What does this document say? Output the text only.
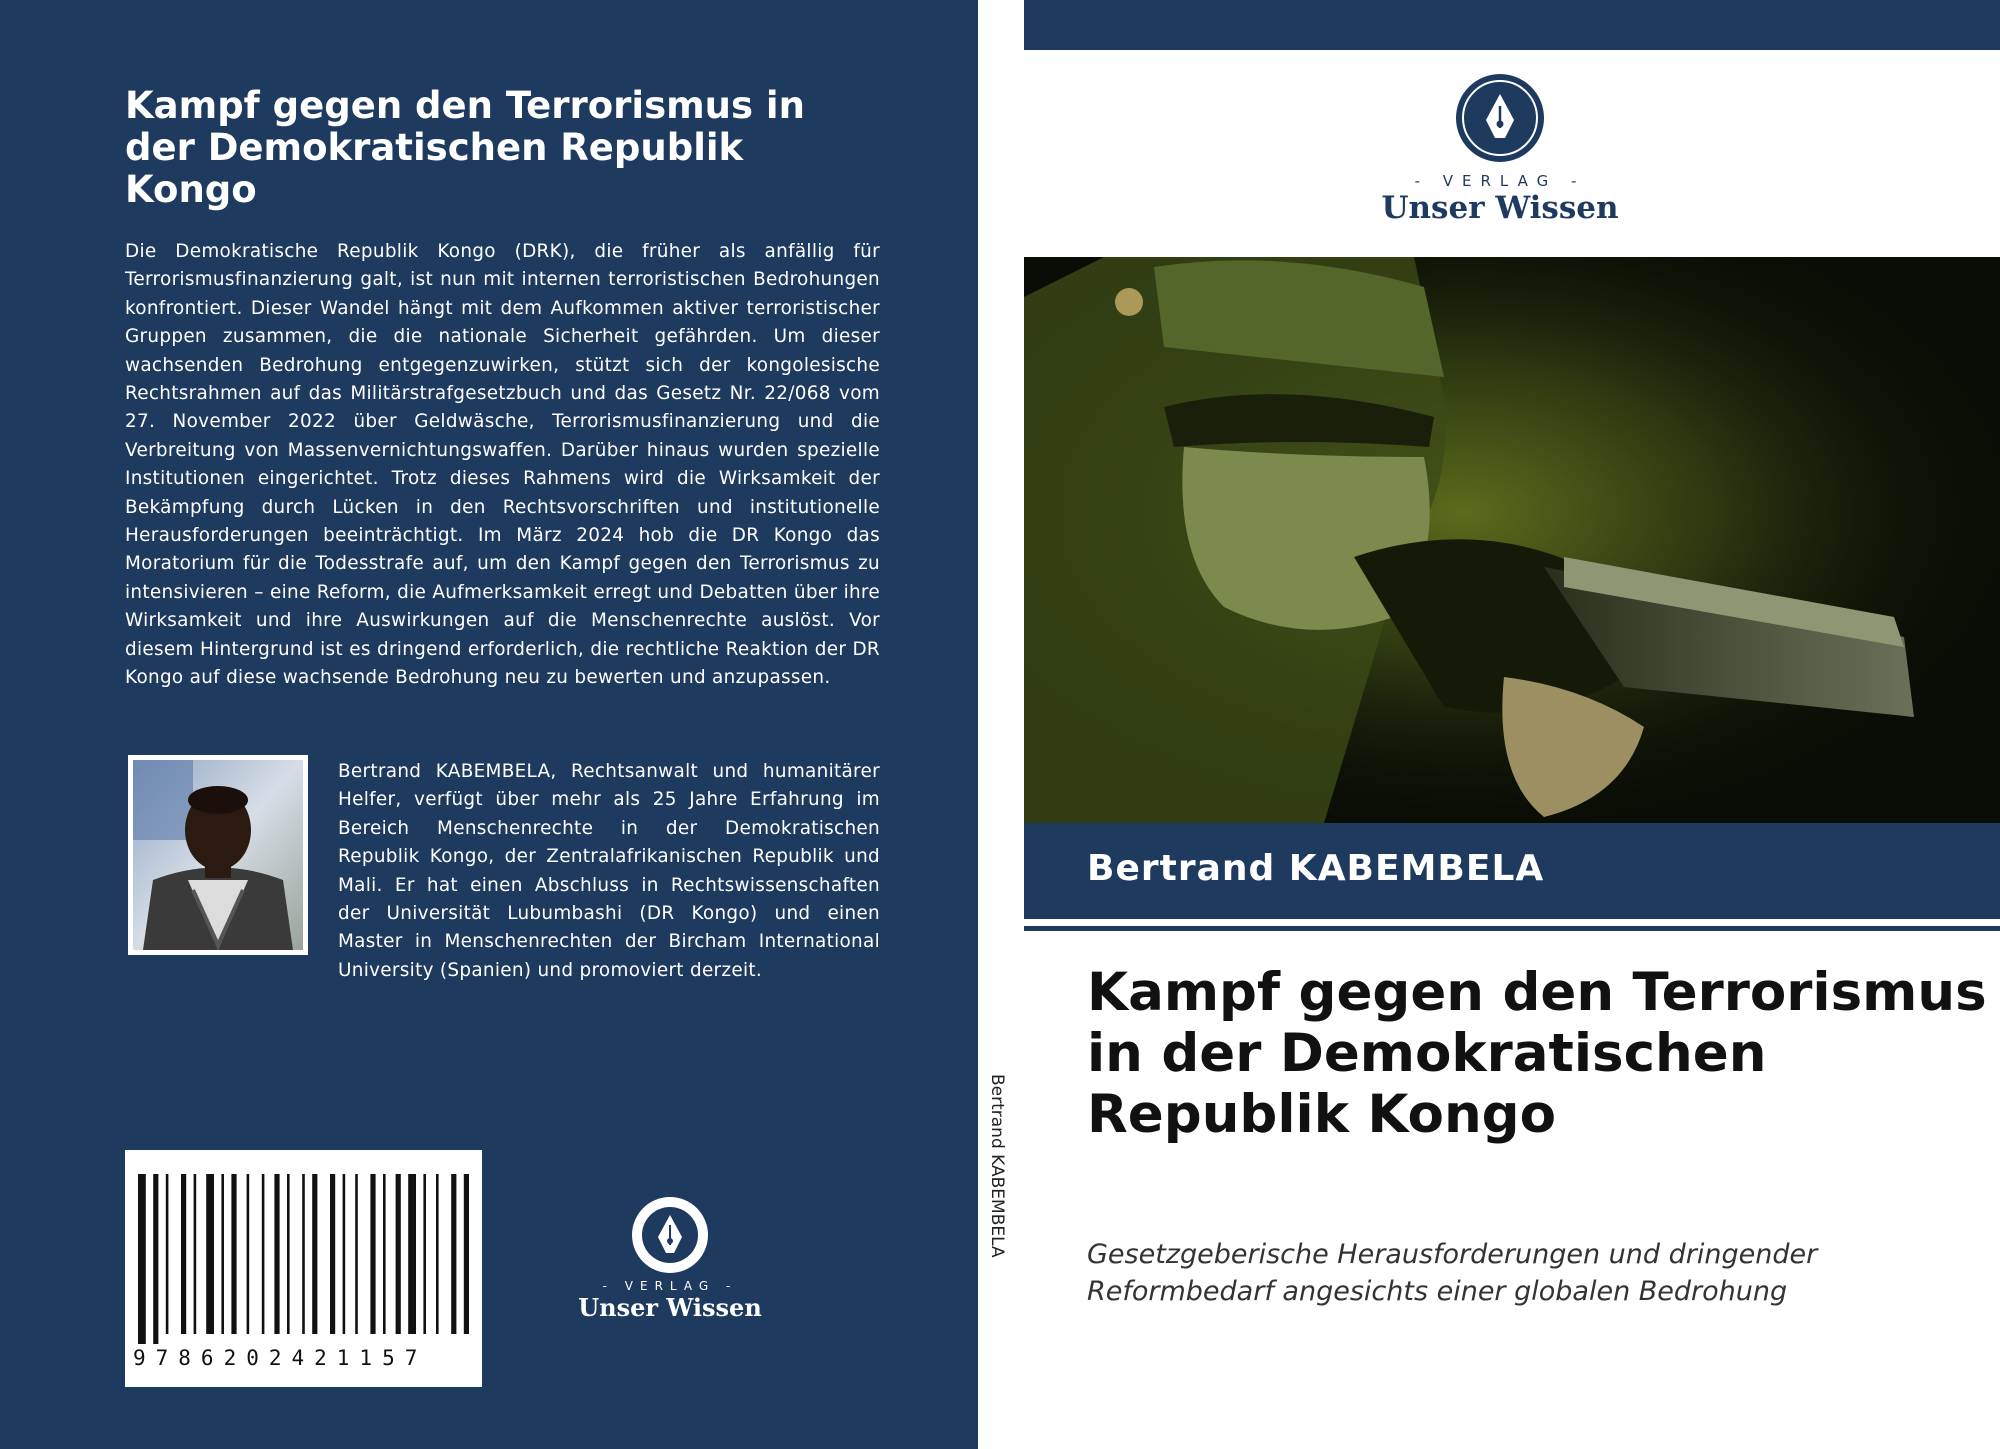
Kampf gegen den Terrorismus in der Demokratischen Republik Kongo

Die Demokratische Republik Kongo (DRK), die früher als anfällig für Terrorismusfinanzierung galt, ist nun mit internen terroristischen Bedrohungen konfrontiert. Dieser Wandel hängt mit dem Aufkommen aktiver terroristischer Gruppen zusammen, die die nationale Sicherheit gefährden. Um dieser wachsenden Bedrohung entgegenzuwirken, stützt sich der kongolesische Rechtsrahmen auf das Militärstrafgesetzbuch und das Gesetz Nr. 22/068 vom 27. November 2022 über Geldwäsche, Terrorismusfinanzierung und die Verbreitung von Massenvernichtungswaffen. Darüber hinaus wurden spezielle Institutionen eingerichtet. Trotz dieses Rahmens wird die Wirksamkeit der Bekämpfung durch Lücken in den Rechtsvorschriften und institutionelle Herausforderungen beeinträchtigt. Im März 2024 hob die DR Kongo das Moratorium für die Todesstrafe auf, um den Kampf gegen den Terrorismus zu intensivieren – eine Reform, die Aufmerksamkeit erregt und Debatten über ihre Wirksamkeit und ihre Auswirkungen auf die Menschenrechte auslöst. Vor diesem Hintergrund ist es dringend erforderlich, die rechtliche Reaktion der DR Kongo auf diese wachsende Bedrohung neu zu bewerten und anzupassen.

Bertrand KABEMBELA, Rechtsanwalt und humanitärer Helfer, verfügt über mehr als 25 Jahre Erfahrung im Bereich Menschenrechte in der Demokratischen Republik Kongo, der Zentralafrikanischen Republik und Mali. Er hat einen Abschluss in Rechtswissenschaften der Universität Lubumbashi (DR Kongo) und einen Master in Menschenrechten der Bircham International University (Spanien) und promoviert derzeit.

9786202421157

- VERLAG -

Unser Wissen

Bertrand KABEMBELA

- VERLAG -

Unser Wissen

Bertrand KABEMBELA
Kampf gegen den Terrorismus in der Demokratischen Republik Kongo

Gesetzgeberische Herausforderungen und dringender Reformbedarf angesichts einer globalen Bedrohung
